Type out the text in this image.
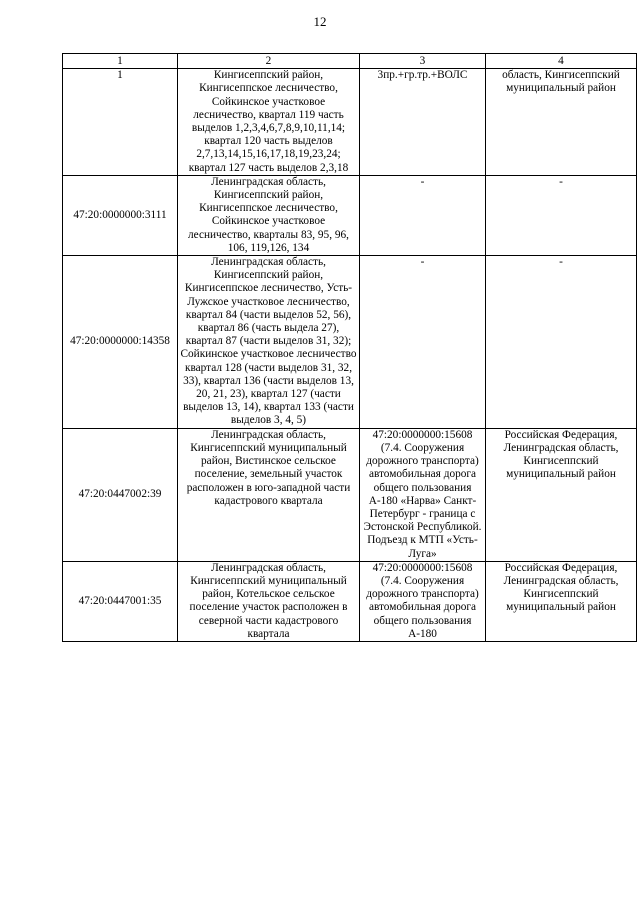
12
1	2	3	4
1	Кингисеппский район, Кингисеппское лесничество, Сойкинское участковое лесничество, квартал 119 часть выделов 1,2,3,4,6,7,8,9,10,11,14; квартал 120 часть выделов 2,7,13,14,15,16,17,18,19,23,24; квартал 127 часть выделов 2,3,18	3пр.+гр.тр.+ВОЛС	область, Кингисеппский муниципальный район
47:20:0000000:3111	Ленинградская область, Кингисеппский район, Кингисеппское лесничество, Сойкинское участковое лесничество, кварталы 83, 95, 96, 106, 119,126, 134	-	-
47:20:0000000:14358	Ленинградская область, Кингисеппский район, Кингисеппское лесничество, Усть-Лужское участковое лесничество, квартал 84 (части выделов 52, 56), квартал 86 (часть выдела 27), квартал 87 (части выделов 31, 32); Сойкинское участковое лесничество квартал 128 (части выделов 31, 32, 33), квартал 136 (части выделов 13, 20, 21, 23), квартал 127 (части выделов 13, 14), квартал 133 (части выделов 3, 4, 5)	-	-
47:20:0447002:39	Ленинградская область, Кингисеппский муниципальный район, Вистинское сельское поселение, земельный участок расположен в юго-западной части кадастрового квартала	47:20:0000000:15608 (7.4. Сооружения дорожного транспорта) автомобильная дорога общего пользования А-180 «Нарва» Санкт-Петербург - граница с Эстонской Республикой. Подъезд к МТП «Усть-Луга»	Российская Федерация, Ленинградская область, Кингисеппский муниципальный район
47:20:0447001:35	Ленинградская область, Кингисеппский муниципальный район, Котельское сельское поселение участок расположен в северной части кадастрового квартала	47:20:0000000:15608 (7.4. Сооружения дорожного транспорта) автомобильная дорога общего пользования А-180	Российская Федерация, Ленинградская область, Кингисеппский муниципальный район
